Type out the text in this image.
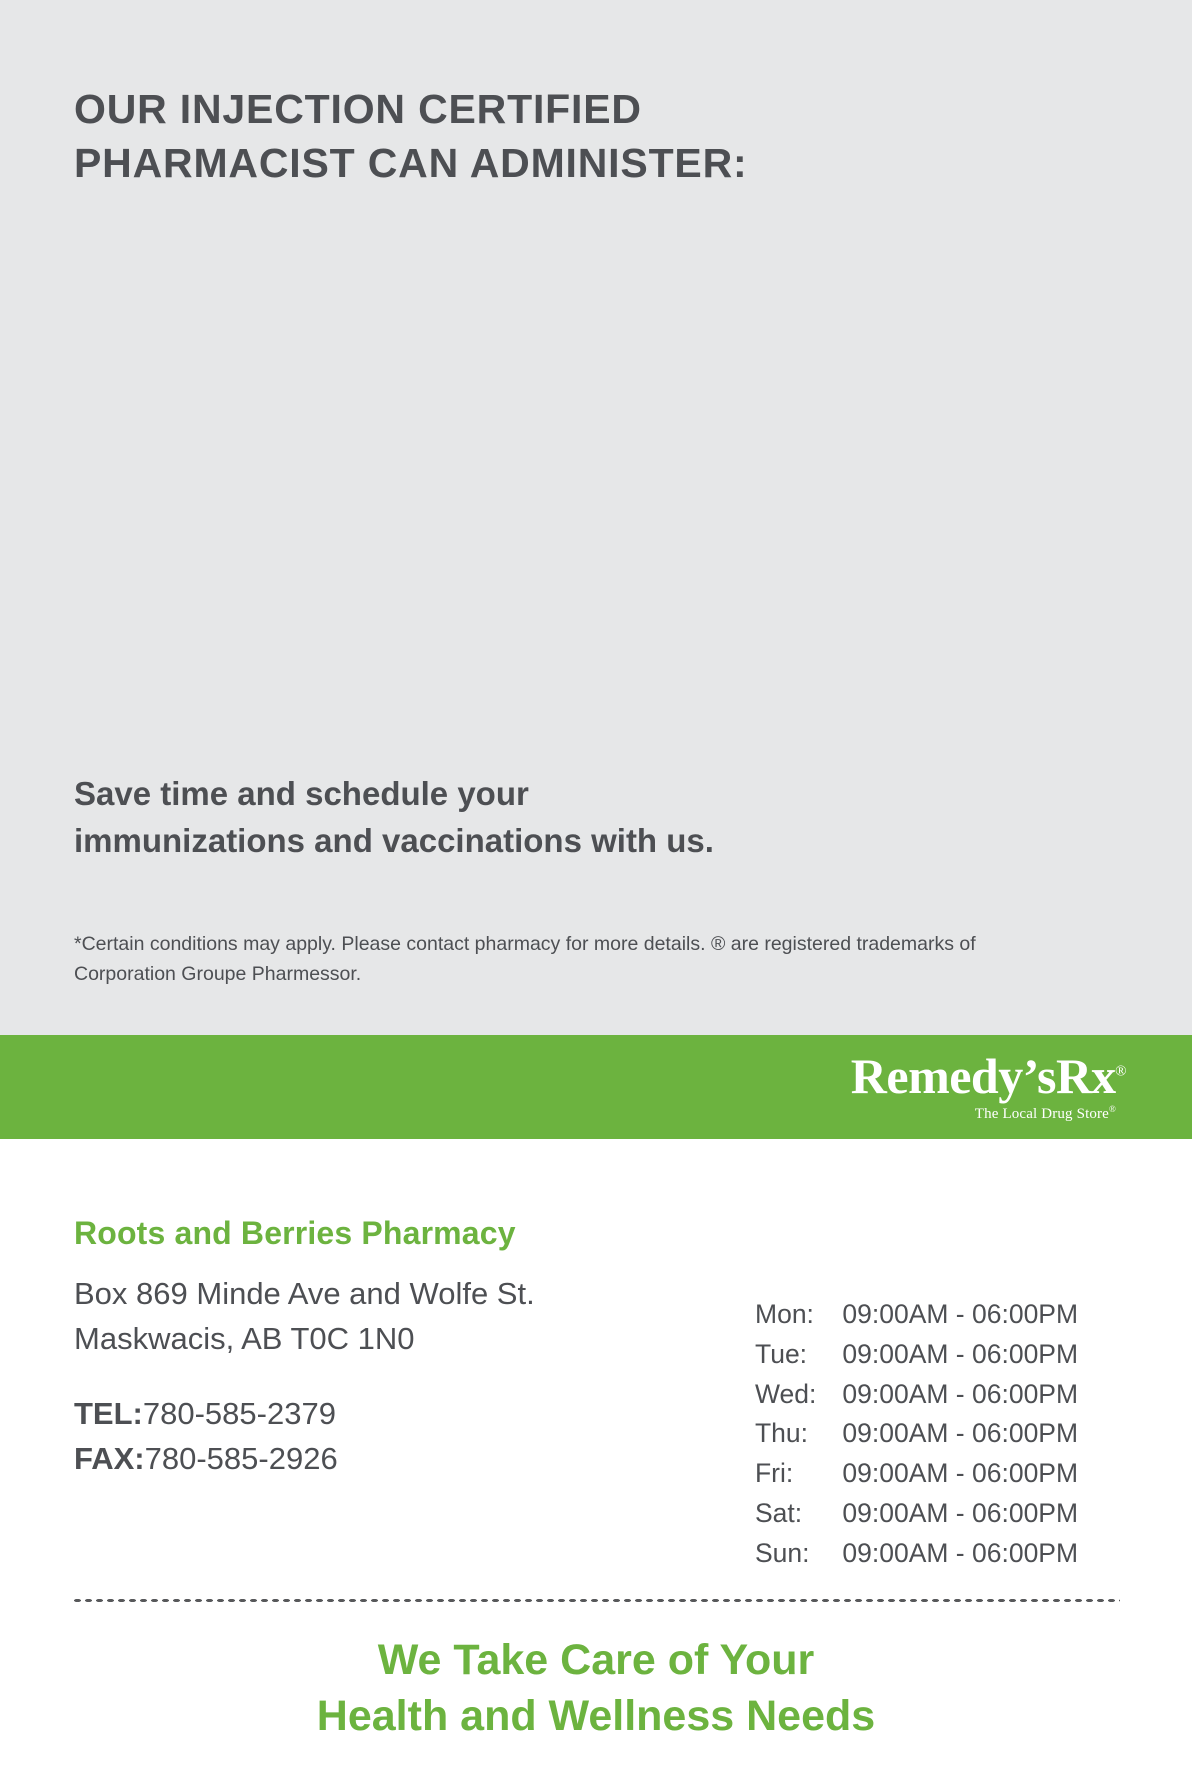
OUR INJECTION CERTIFIED
PHARMACIST CAN ADMINISTER:
Save time and schedule your
immunizations and vaccinations with us.
*Certain conditions may apply. Please contact pharmacy for more details. ® are registered trademarks of
Corporation Groupe Pharmessor.
Remedy’sRx®
The Local Drug Store®
Roots and Berries Pharmacy
Box 869 Minde Ave and Wolfe St.
Maskwacis, AB T0C 1N0
TEL:780-585-2379
FAX:780-585-2926
Mon:	09:00AM - 06:00PM
Tue:	09:00AM - 06:00PM
Wed:	09:00AM - 06:00PM
Thu:	09:00AM - 06:00PM
Fri:	09:00AM - 06:00PM
Sat:	09:00AM - 06:00PM
Sun:	09:00AM - 06:00PM
We Take Care of Your
Health and Wellness Needs
